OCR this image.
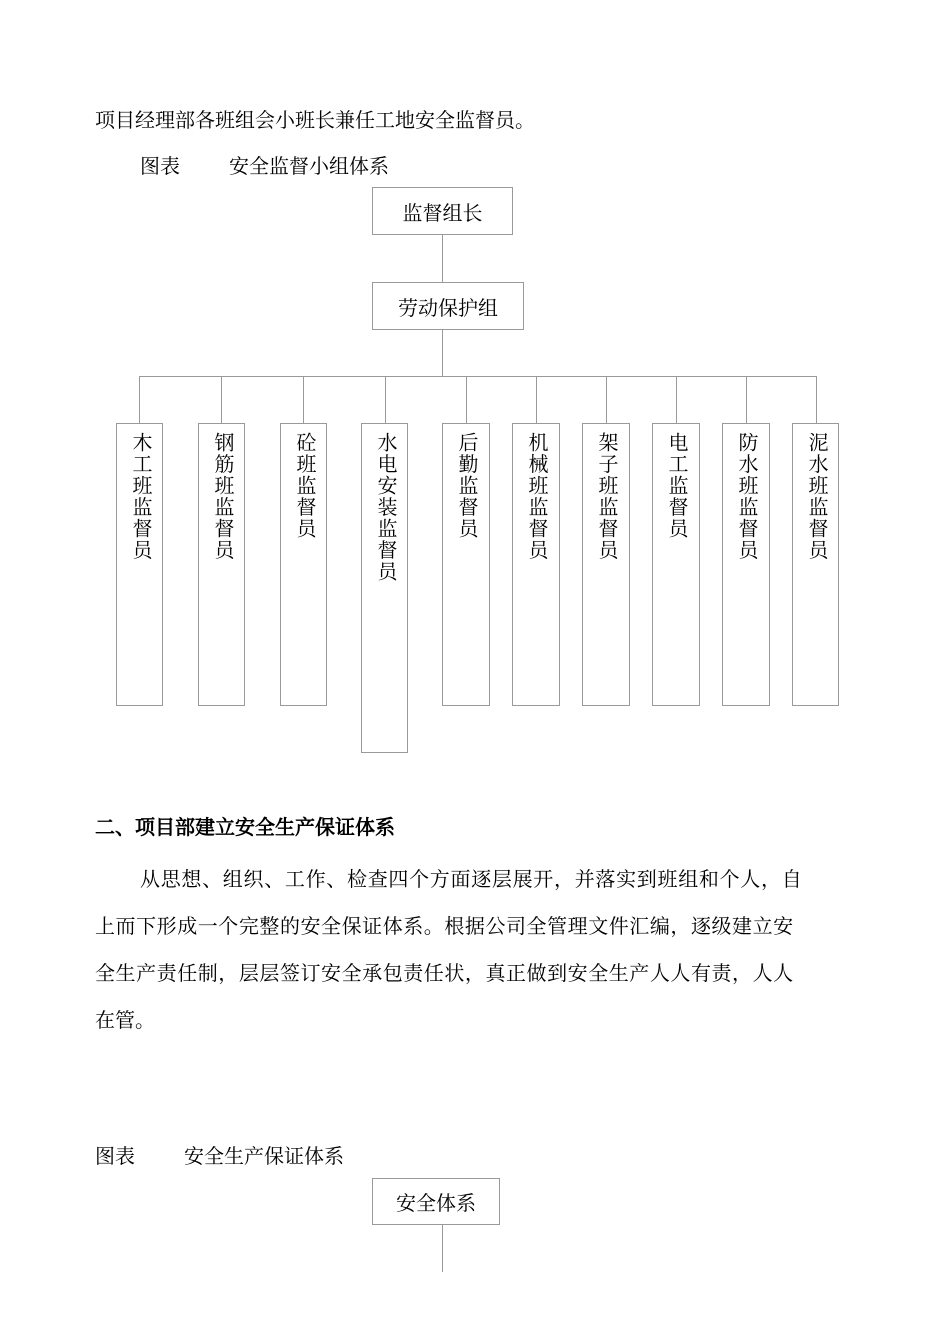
项目经理部各班组会小班长兼任工地安全监督员。
图表 安全监督小组体系
监督组长
劳动保护组
木工班监督员	钢筋班监督员	砼班监督员	水电安装监督员	后勤监督员	机械班监督员	架子班监督员	电工监督员	防水班监督员	泥水班监督员
二、项目部建立安全生产保证体系
从思想、组织、工作、检查四个方面逐层展开，并落实到班组和个人，自
上而下形成一个完整的安全保证体系。根据公司全管理文件汇编，逐级建立安
全生产责任制，层层签订安全承包责任状，真正做到安全生产人人有责，人人
在管。
图表 安全生产保证体系
安全体系
